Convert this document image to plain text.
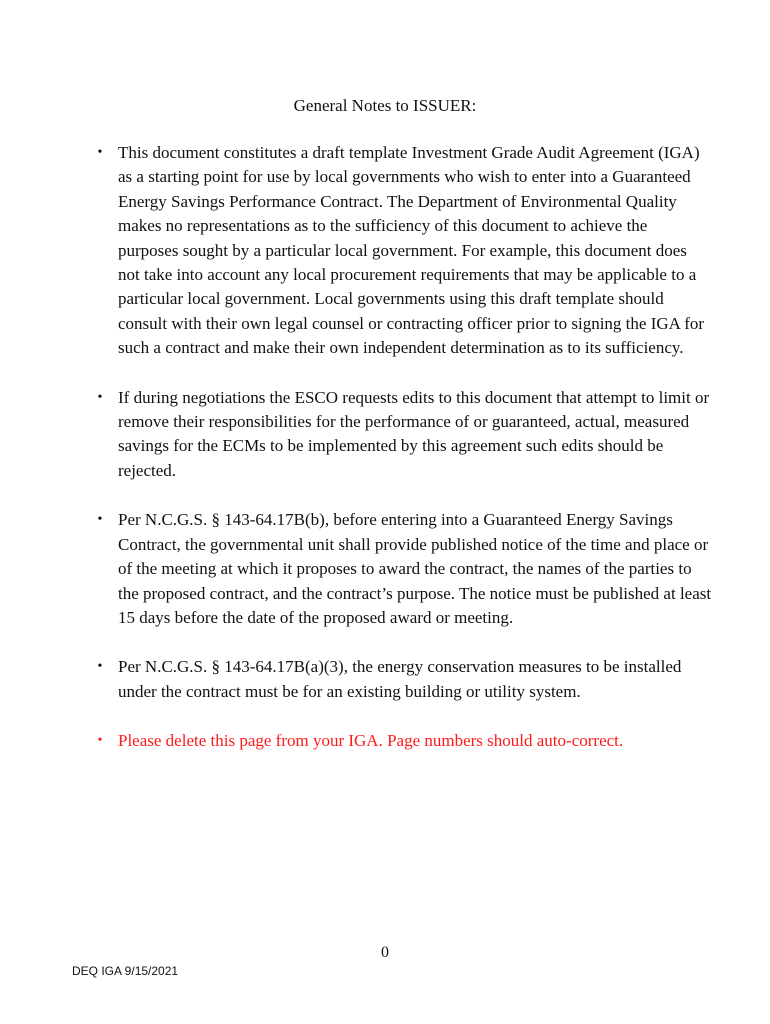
General Notes to ISSUER:
• This document constitutes a draft template Investment Grade Audit Agreement (IGA) as a starting point for use by local governments who wish to enter into a Guaranteed Energy Savings Performance Contract. The Department of Environmental Quality makes no representations as to the sufficiency of this document to achieve the purposes sought by a particular local government. For example, this document does not take into account any local procurement requirements that may be applicable to a particular local government. Local governments using this draft template should consult with their own legal counsel or contracting officer prior to signing the IGA for such a contract and make their own independent determination as to its sufficiency.
• If during negotiations the ESCO requests edits to this document that attempt to limit or remove their responsibilities for the performance of or guaranteed, actual, measured savings for the ECMs to be implemented by this agreement such edits should be rejected.
• Per N.C.G.S. § 143-64.17B(b), before entering into a Guaranteed Energy Savings Contract, the governmental unit shall provide published notice of the time and place or of the meeting at which it proposes to award the contract, the names of the parties to the proposed contract, and the contract’s purpose. The notice must be published at least 15 days before the date of the proposed award or meeting.
• Per N.C.G.S. § 143-64.17B(a)(3), the energy conservation measures to be installed under the contract must be for an existing building or utility system.
• Please delete this page from your IGA. Page numbers should auto-correct.
0
DEQ IGA 9/15/2021
